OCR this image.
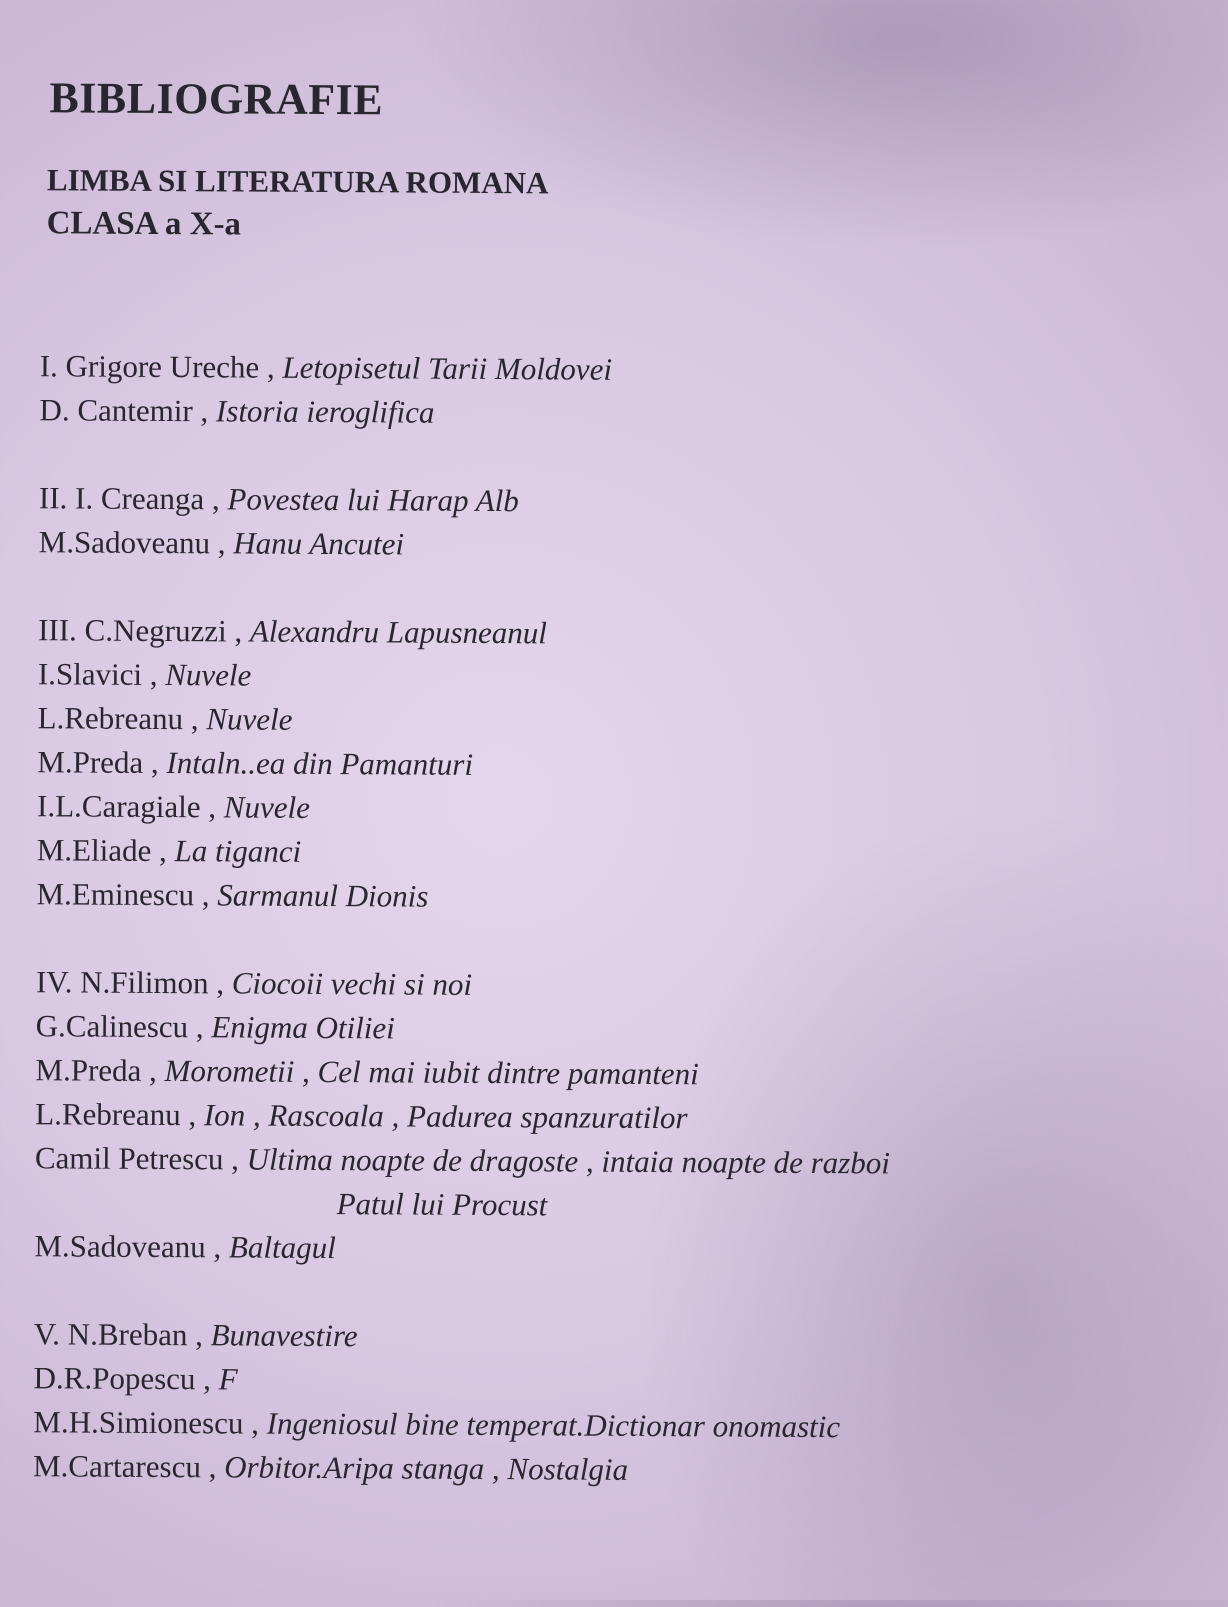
BIBLIOGRAFIE
LIMBA SI LITERATURA ROMANA
CLASA a X-a
I. Grigore Ureche , Letopisetul Tarii Moldovei
D. Cantemir , Istoria ieroglifica
II. I. Creanga , Povestea lui Harap Alb
M.Sadoveanu , Hanu Ancutei
III. C.Negruzzi , Alexandru Lapusneanul
I.Slavici , Nuvele
L.Rebreanu , Nuvele
M.Preda , Intaln..ea din Pamanturi
I.L.Caragiale , Nuvele
M.Eliade , La tiganci
M.Eminescu , Sarmanul Dionis
IV. N.Filimon , Ciocoii vechi si noi
G.Calinescu , Enigma Otiliei
M.Preda , Morometii , Cel mai iubit dintre pamanteni
L.Rebreanu , Ion , Rascoala , Padurea spanzuratilor
Camil Petrescu , Ultima noapte de dragoste , intaia noapte de razboi
Patul lui Procust
M.Sadoveanu , Baltagul
V. N.Breban , Bunavestire
D.R.Popescu , F
M.H.Simionescu , Ingeniosul bine temperat.Dictionar onomastic
M.Cartarescu , Orbitor.Aripa stanga , Nostalgia
